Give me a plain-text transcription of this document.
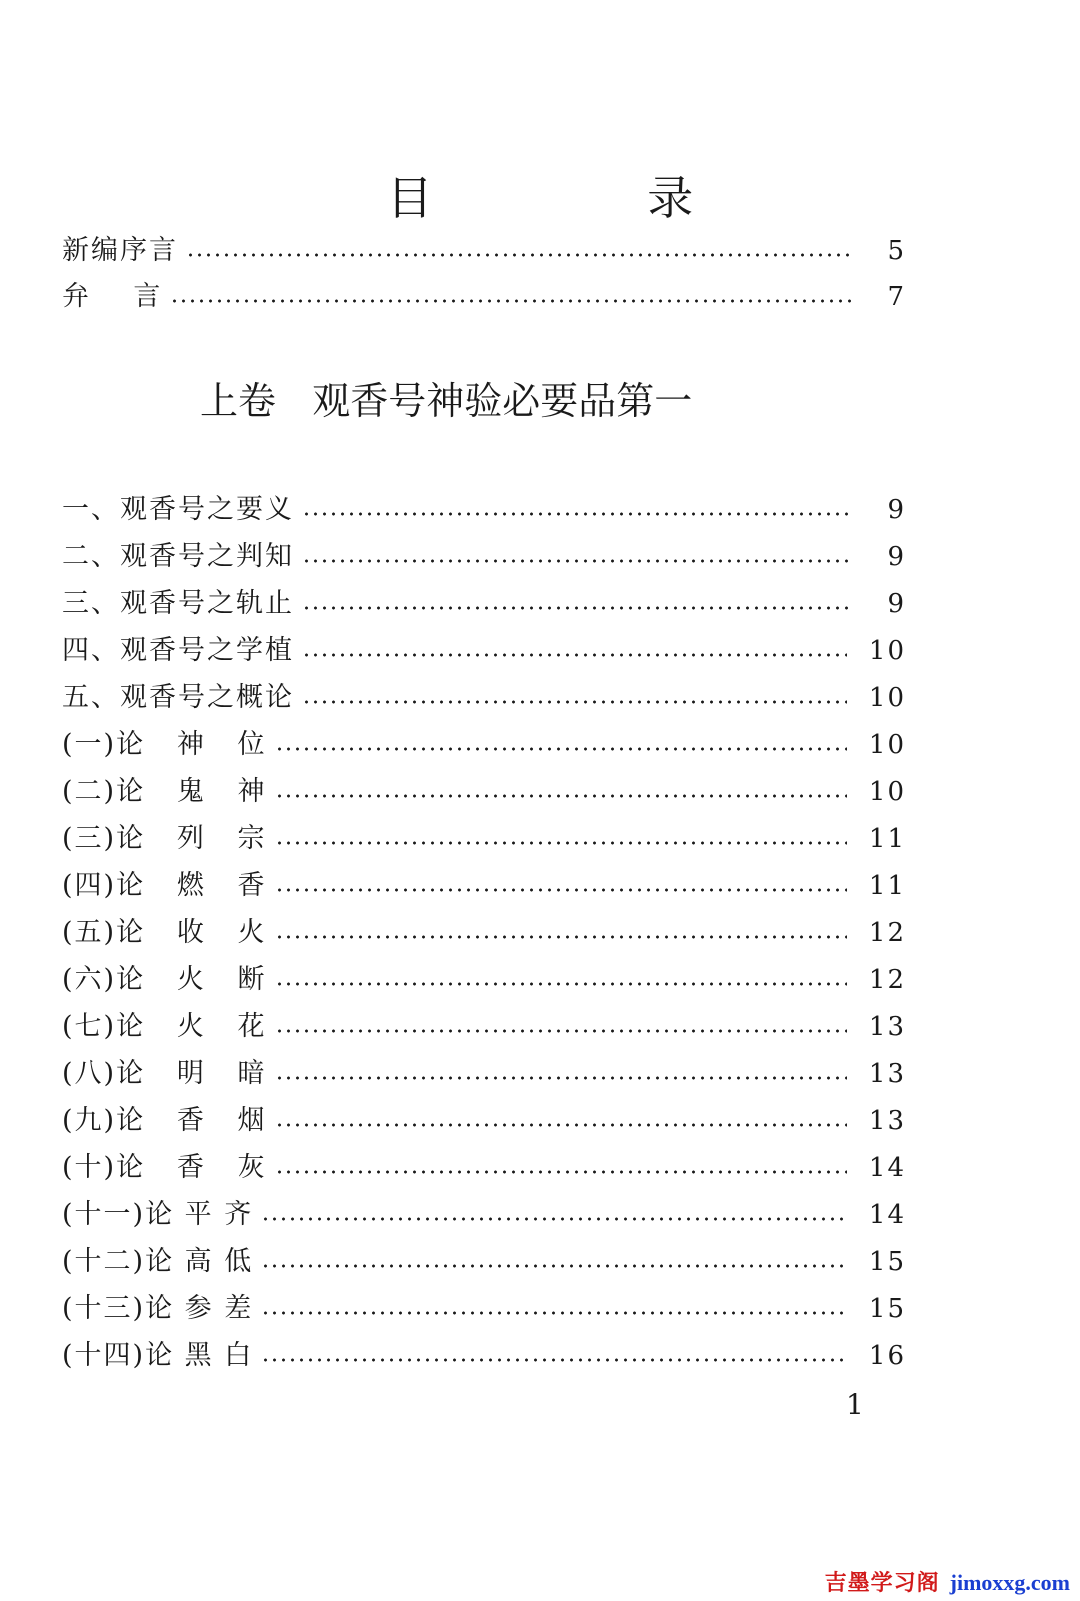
目 录
新编序言	5
弁    言	7
上卷   观香号神验必要品第一
一、观香号之要义	9
二、观香号之判知	9
三、观香号之轨止	9
四、观香号之学植	10
五、观香号之概论	10
(一)论   神   位	10
(二)论   鬼   神	10
(三)论   列   宗	11
(四)论   燃   香	11
(五)论   收   火	12
(六)论   火   断	12
(七)论   火   花	13
(八)论   明   暗	13
(九)论   香   烟	13
(十)论   香   灰	14
(十一)论 平 齐	14
(十二)论 高 低	15
(十三)论 参 差	15
(十四)论 黑 白	16
1
吉墨学习阁 jimoxxg.com
